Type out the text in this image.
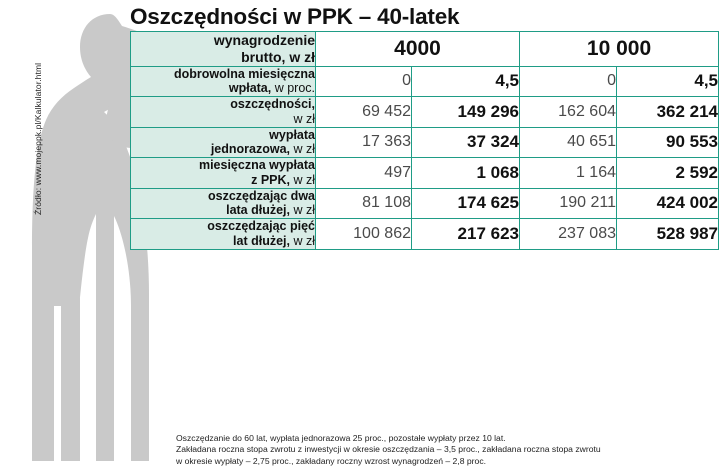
Źródło: www.mojeppk.pl/Kalkulator.html
Oszczędności w PPK – 40-latek
wynagrodzenie
brutto, w zł	4000		10 000	
dobrowolna miesięczna
wpłata, w proc.	0	4,5	0	4,5
oszczędności,
w zł	69 452	149 296	162 604	362 214
wypłata
jednorazowa, w zł	17 363	37 324	40 651	90 553
miesięczna wypłata
z PPK, w zł	497	1 068	1 164	2 592
oszczędzając dwa
lata dłużej, w zł	81 108	174 625	190 211	424 002
oszczędzając pięć
lat dłużej, w zł	100 862	217 623	237 083	528 987
Oszczędzanie do 60 lat, wypłata jednorazowa 25 proc., pozostałe wypłaty przez 10 lat.
Zakładana roczna stopa zwrotu z inwestycji w okresie oszczędzania – 3,5 proc., zakładana roczna stopa zwrotu
w okresie wypłaty – 2,75 proc., zakładany roczny wzrost wynagrodzeń – 2,8 proc.
